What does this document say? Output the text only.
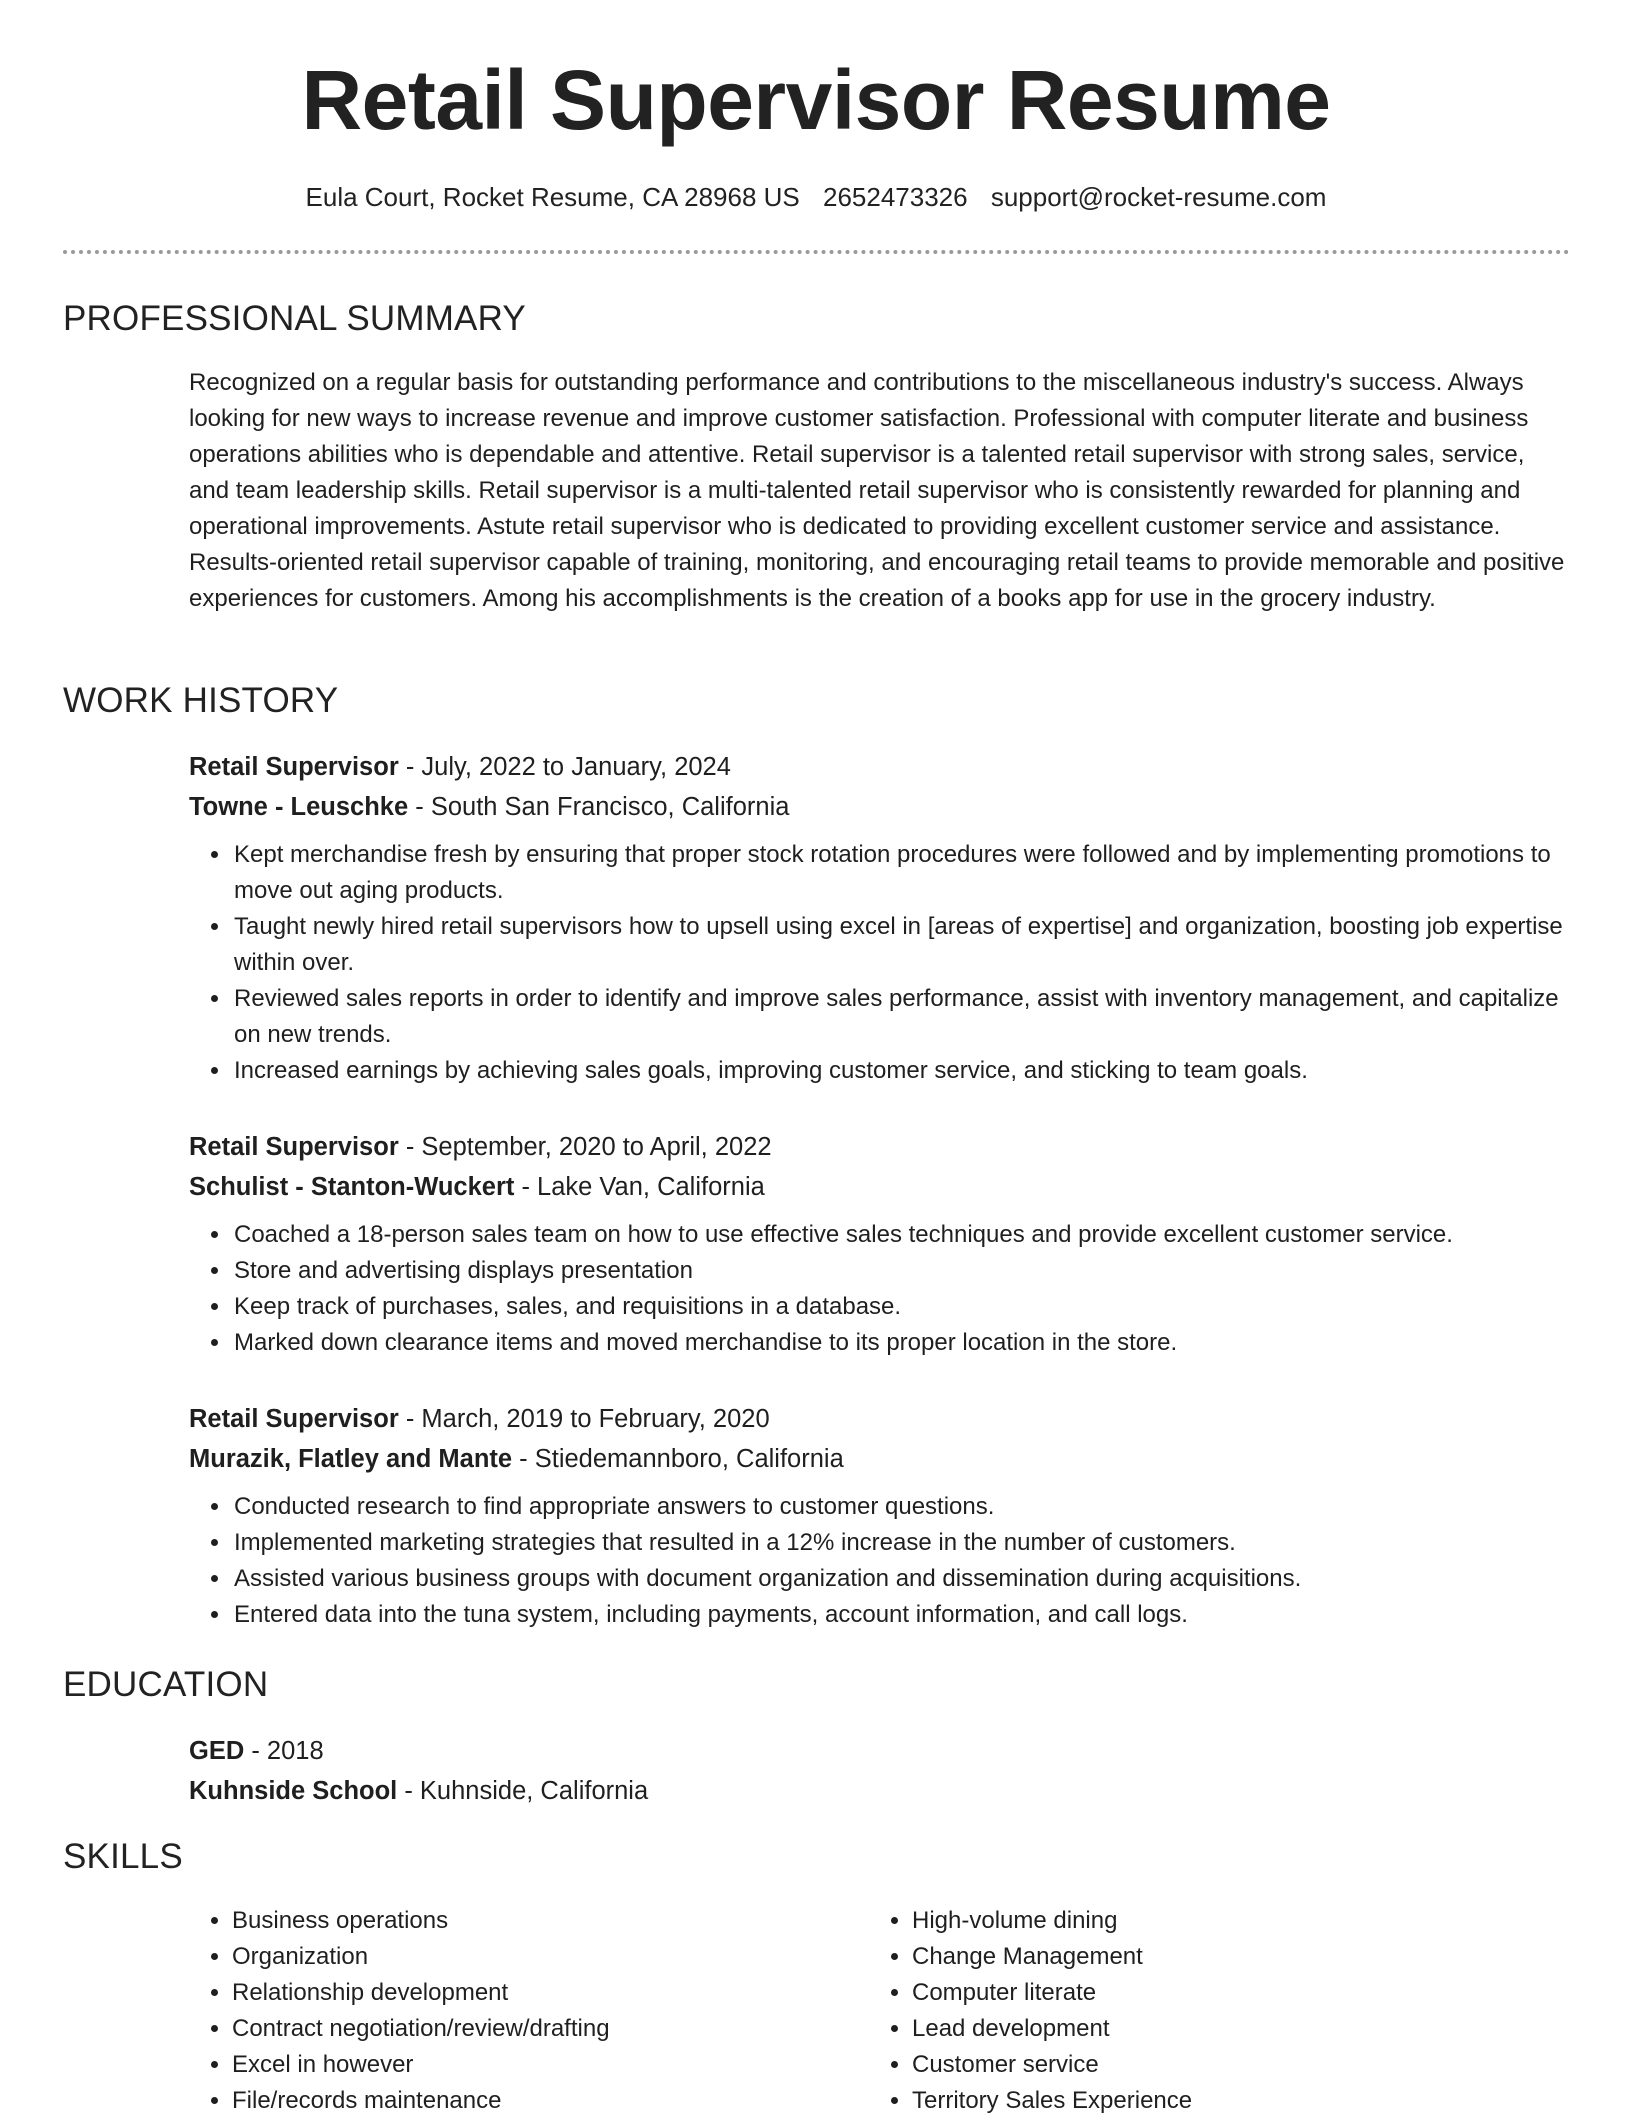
Retail Supervisor Resume
Eula Court, Rocket Resume, CA 28968 US 2652473326 support@rocket-resume.com
PROFESSIONAL SUMMARY

Recognized on a regular basis for outstanding performance and contributions to the miscellaneous industry's success. Always looking for new ways to increase revenue and improve customer satisfaction. Professional with computer literate and business operations abilities who is dependable and attentive. Retail supervisor is a talented retail supervisor with strong sales, service, and team leadership skills. Retail supervisor is a multi-talented retail supervisor who is consistently rewarded for planning and operational improvements. Astute retail supervisor who is dedicated to providing excellent customer service and assistance. Results-oriented retail supervisor capable of training, monitoring, and encouraging retail teams to provide memorable and positive experiences for customers. Among his accomplishments is the creation of a books app for use in the grocery industry.

WORK HISTORY
Retail Supervisor - July, 2022 to January, 2024
Towne - Leuschke - South San Francisco, California
• Kept merchandise fresh by ensuring that proper stock rotation procedures were followed and by implementing promotions to move out aging products.
• Taught newly hired retail supervisors how to upsell using excel in [areas of expertise] and organization, boosting job expertise within over.
• Reviewed sales reports in order to identify and improve sales performance, assist with inventory management, and capitalize on new trends.
• Increased earnings by achieving sales goals, improving customer service, and sticking to team goals.
Retail Supervisor - September, 2020 to April, 2022
Schulist - Stanton-Wuckert - Lake Van, California
• Coached a 18-person sales team on how to use effective sales techniques and provide excellent customer service.
• Store and advertising displays presentation
• Keep track of purchases, sales, and requisitions in a database.
• Marked down clearance items and moved merchandise to its proper location in the store.
Retail Supervisor - March, 2019 to February, 2020
Murazik, Flatley and Mante - Stiedemannboro, California
• Conducted research to find appropriate answers to customer questions.
• Implemented marketing strategies that resulted in a 12% increase in the number of customers.
• Assisted various business groups with document organization and dissemination during acquisitions.
• Entered data into the tuna system, including payments, account information, and call logs.
EDUCATION
GED - 2018
Kuhnside School - Kuhnside, California
SKILLS
• Business operations
• Organization
• Relationship development
• Contract negotiation/review/drafting
• Excel in however
• File/records maintenance
• High-volume dining
• Change Management
• Computer literate
• Lead development
• Customer service
• Territory Sales Experience
